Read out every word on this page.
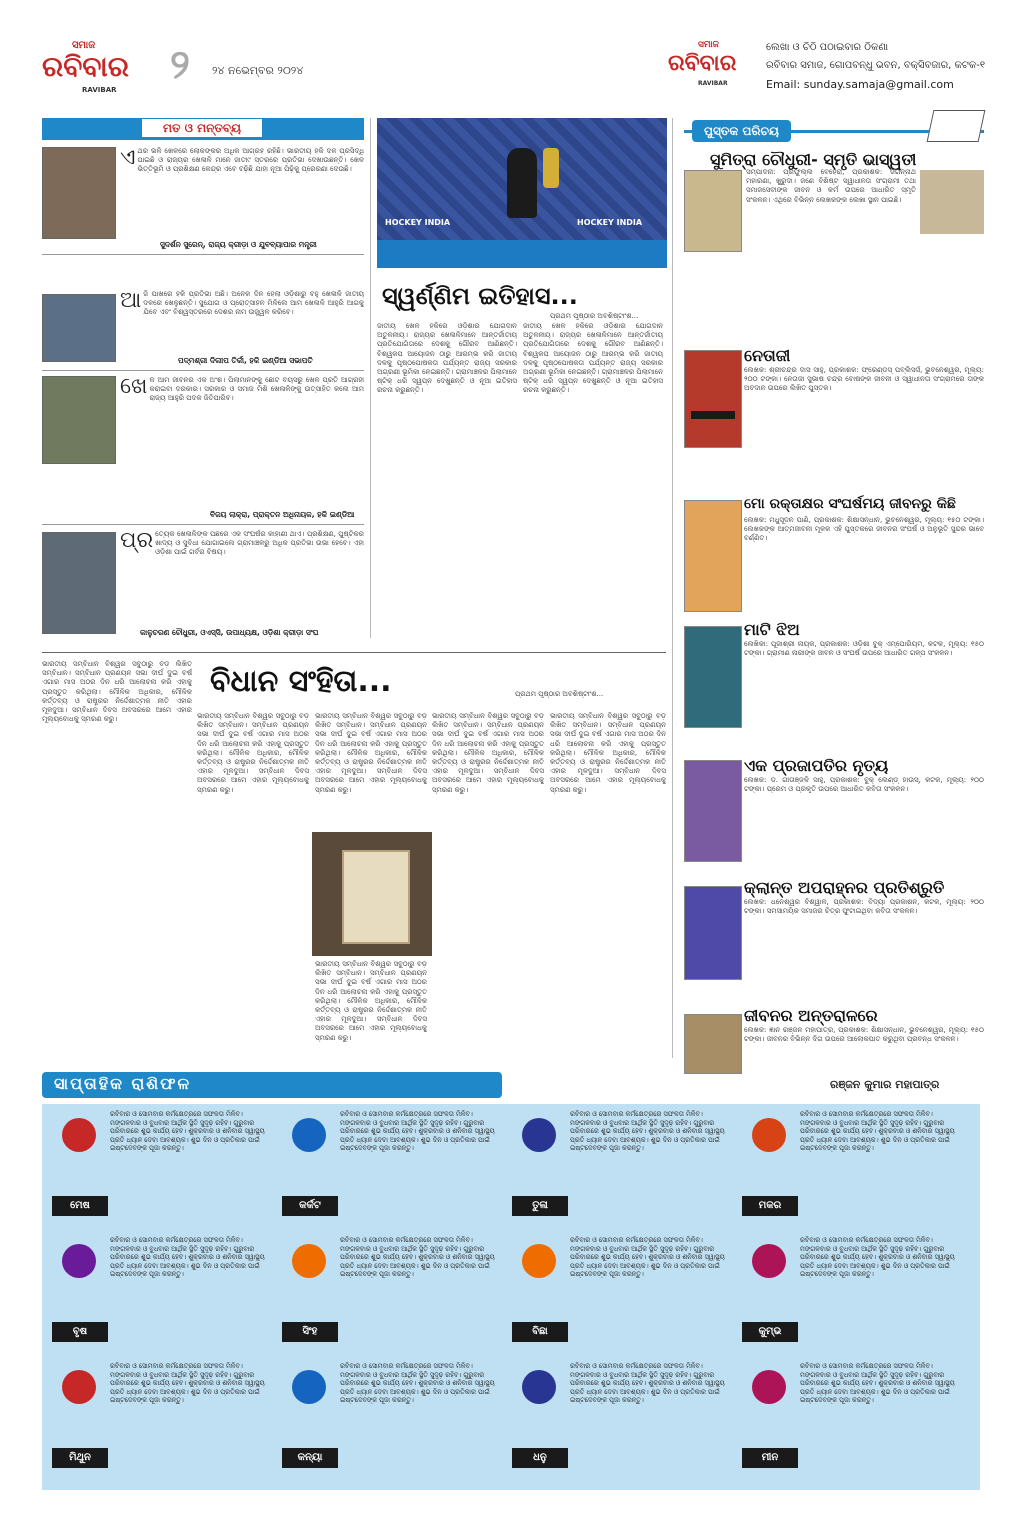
ସମାଜ
ରବିବାର
RAVIBAR
୨ ୨୪ ନଭେମ୍ବର ୨୦୨୪
ସମାଜ
ରବିବାର
RAVIBAR
ଲେଖା ଓ ଚିଠି ପଠାଇବାର ଠିକଣା
ରବିବାର ସମାଜ, ଗୋପବନ୍ଧୁ ଭବନ, ବକ୍ସିବଜାର, କଟକ-୧
Email: sunday.samaja@gmail.com
ମତ ଓ ମନ୍ତବ୍ୟ
ଏଥର ଭଳି ଖେଳରେ ଲୋକଙ୍କର ଅଧିକ ଆଗ୍ରହ ରହିଛି। ଭାରତୀୟ ହକି ଦଳ ପ୍ରସିଦ୍ଧି ପାଇଛି ଓ ରାଜ୍ୟର ଖେଳାଳି ମାନେ ଜାତୀ୯ ସ୍ତରରେ ପ୍ରତିଭା ଦେଖାଉଛନ୍ତି। ଖେଳ ଭିତ୍ତିଭୂମି ଓ ପ୍ରଶିକ୍ଷଣ କେନ୍ଦ୍ର ଏବେ ବଢ଼ିଛି ଯାହା ନୂଆ ପିଢ଼ିକୁ ପ୍ରେରଣା ଦେଉଛି।
ସୁଦର୍ଶନ ସୁରେନ୍, ରାଜ୍ୟ କ୍ରୀଡ଼ା ଓ ଯୁବବ୍ୟାପାର ମନ୍ତ୍ରୀ
ଆଜି ପାଖରେ ହକି ପ୍ରତିଭା ଅଛି। ଅନେକ ଦିନ ହେଲା ଓଡ଼ିଶାରୁ ବହୁ ଖେଳାଳି ଜାତୀୟ ଦଳରେ ଖେଳୁଛନ୍ତି। ସୁଯୋଗ ଓ ପ୍ରୋତ୍ସାହନ ମିଳିଲେ ଆମ ଖେଳାଳି ଆହୁରି ଆଗକୁ ଯିବେ ଏବଂ ବିଶ୍ୱସ୍ତରରେ ଦେଶର ନାମ ଉଜ୍ଜ୍ୱଳ କରିବେ।
ପଦ୍ମଶ୍ରୀ ଦିଲୀପ ତିର୍କୀ, ହକି ଇଣ୍ଡିଆ ସଭାପତି
ଖେଳ ଆମ ଜୀବନର ଏକ ଅଂଶ। ପିଲାମାନଙ୍କୁ ଛୋଟ ବୟସରୁ ଖେଳ ପ୍ରତି ଆଗ୍ରହୀ କରାଇବା ଦରକାର। ସରକାର ଓ ସମାଜ ମିଶି ଖେଳାଳିଙ୍କୁ ଉତ୍ସାହିତ କଲେ ଆମ ରାଜ୍ୟ ଆହୁରି ପଦକ ଜିତିପାରିବ।
ବିଜୟ ଲାକ୍ରା, ପ୍ରାକ୍ତନ ଅଧିନାୟକ, ହକି ଇଣ୍ଡିଆ
ପ୍ର ତ୍ୟେକ ଖେଳାଳିଙ୍କ ପଛରେ ଏକ ସଂଘର୍ଷର କାହାଣୀ ଥାଏ। ପ୍ରଶିକ୍ଷଣ, ପୁଷ୍ଟିକର ଖାଦ୍ୟ ଓ ସୁବିଧା ଯୋଗାଇଲେ ଗ୍ରାମାଞ୍ଚଳରୁ ଅଧିକ ପ୍ରତିଭା ଉଭା ହେବେ। ଏହା ଓଡ଼ିଶା ପାଇଁ ଗର୍ବର ବିଷୟ।
କାଳୁଚରଣ ଚୌଧୁରୀ, ଓଏସ୍‌ସି, ଉପାଧ୍ୟକ୍ଷ, ଓଡ଼ିଶା କ୍ରୀଡ଼ା ସଂଘ
HOCKEY INDIA	HOCKEY INDIA
ସ୍ୱର୍ଣ୍ଣିମ ଇତିହାସ...
ପ୍ରଥମ ପୃଷ୍ଠାର ଅବଶିଷ୍ଟାଂଶ...
ଜାତୀୟ ଖେଳ ହକିରେ ଓଡ଼ିଶାର ଯୋଗଦାନ ଅତୁଳନୀୟ। ରାଜ୍ୟର ଖେଳାଳିମାନେ ଆନ୍ତର୍ଜାତୀୟ ପ୍ରତିଯୋଗିତାରେ ଦେଶକୁ ଗୌରବ ଆଣିଛନ୍ତି। ବିଶ୍ୱକପ ଆୟୋଜନ ଠାରୁ ଆରମ୍ଭ କରି ଜାତୀୟ ଦଳକୁ ପୃଷ୍ଠପୋଷକତା ପର୍ଯ୍ୟନ୍ତ ରାଜ୍ୟ ସରକାର ଅଗ୍ରଣୀ ଭୂମିକା ନେଇଛନ୍ତି। ଗ୍ରାମାଞ୍ଚଳର ପିଲାମାନେ ଷ୍ଟିକ୍ ଧରି ସ୍ୱପ୍ନ ଦେଖୁଛନ୍ତି ଓ ନୂଆ ଇତିହାସ ରଚନା କରୁଛନ୍ତି।
ଜାତୀୟ ଖେଳ ହକିରେ ଓଡ଼ିଶାର ଯୋଗଦାନ ଅତୁଳନୀୟ। ରାଜ୍ୟର ଖେଳାଳିମାନେ ଆନ୍ତର୍ଜାତୀୟ ପ୍ରତିଯୋଗିତାରେ ଦେଶକୁ ଗୌରବ ଆଣିଛନ୍ତି। ବିଶ୍ୱକପ ଆୟୋଜନ ଠାରୁ ଆରମ୍ଭ କରି ଜାତୀୟ ଦଳକୁ ପୃଷ୍ଠପୋଷକତା ପର୍ଯ୍ୟନ୍ତ ରାଜ୍ୟ ସରକାର ଅଗ୍ରଣୀ ଭୂମିକା ନେଇଛନ୍ତି। ଗ୍ରାମାଞ୍ଚଳର ପିଲାମାନେ ଷ୍ଟିକ୍ ଧରି ସ୍ୱପ୍ନ ଦେଖୁଛନ୍ତି ଓ ନୂଆ ଇତିହାସ ରଚନା କରୁଛନ୍ତି।
ବିଧାନ ସଂହିତା...	ପ୍ରଥମ ପୃଷ୍ଠାର ଅବଶିଷ୍ଟାଂଶ...
ଭାରତୀୟ ସମ୍ବିଧାନ ବିଶ୍ୱର ସବୁଠାରୁ ବଡ଼ ଲିଖିତ ସମ୍ବିଧାନ। ସମ୍ବିଧାନ ପ୍ରଣୟନ ସଭା ଦୀର୍ଘ ଦୁଇ ବର୍ଷ ଏଗାର ମାସ ଅଠର ଦିନ ଧରି ଆଲୋଚନା କରି ଏହାକୁ ପ୍ରସ୍ତୁତ କରିଥିଲା। ମୌଳିକ ଅଧିକାର, ମୌଳିକ କର୍ତ୍ତବ୍ୟ ଓ ରାଷ୍ଟ୍ରର ନିର୍ଦ୍ଦେଶାତ୍ମକ ନୀତି ଏହାର ମୂଳଦୁଆ। ସମ୍ବିଧାନ ଦିବସ ଅବସରରେ ଆମେ ଏହାର ମୂଲ୍ୟବୋଧକୁ ସ୍ମରଣ କରୁ।	ଭାରତୀୟ ସମ୍ବିଧାନ ବିଶ୍ୱର ସବୁଠାରୁ ବଡ଼ ଲିଖିତ ସମ୍ବିଧାନ। ସମ୍ବିଧାନ ପ୍ରଣୟନ ସଭା ଦୀର୍ଘ ଦୁଇ ବର୍ଷ ଏଗାର ମାସ ଅଠର ଦିନ ଧରି ଆଲୋଚନା କରି ଏହାକୁ ପ୍ରସ୍ତୁତ କରିଥିଲା। ମୌଳିକ ଅଧିକାର, ମୌଳିକ କର୍ତ୍ତବ୍ୟ ଓ ରାଷ୍ଟ୍ରର ନିର୍ଦ୍ଦେଶାତ୍ମକ ନୀତି ଏହାର ମୂଳଦୁଆ। ସମ୍ବିଧାନ ଦିବସ ଅବସରରେ ଆମେ ଏହାର ମୂଲ୍ୟବୋଧକୁ ସ୍ମରଣ କରୁ।
ଭାରତୀୟ ସମ୍ବିଧାନ ବିଶ୍ୱର ସବୁଠାରୁ ବଡ଼ ଲିଖିତ ସମ୍ବିଧାନ। ସମ୍ବିଧାନ ପ୍ରଣୟନ ସଭା ଦୀର୍ଘ ଦୁଇ ବର୍ଷ ଏଗାର ମାସ ଅଠର ଦିନ ଧରି ଆଲୋଚନା କରି ଏହାକୁ ପ୍ରସ୍ତୁତ କରିଥିଲା। ମୌଳିକ ଅଧିକାର, ମୌଳିକ କର୍ତ୍ତବ୍ୟ ଓ ରାଷ୍ଟ୍ରର ନିର୍ଦ୍ଦେଶାତ୍ମକ ନୀତି ଏହାର ମୂଳଦୁଆ। ସମ୍ବିଧାନ ଦିବସ ଅବସରରେ ଆମେ ଏହାର ମୂଲ୍ୟବୋଧକୁ ସ୍ମରଣ କରୁ।
ଭାରତୀୟ ସମ୍ବିଧାନ ବିଶ୍ୱର ସବୁଠାରୁ ବଡ଼ ଲିଖିତ ସମ୍ବିଧାନ। ସମ୍ବିଧାନ ପ୍ରଣୟନ ସଭା ଦୀର୍ଘ ଦୁଇ ବର୍ଷ ଏଗାର ମାସ ଅଠର ଦିନ ଧରି ଆଲୋଚନା କରି ଏହାକୁ ପ୍ରସ୍ତୁତ କରିଥିଲା। ମୌଳିକ ଅଧିକାର, ମୌଳିକ କର୍ତ୍ତବ୍ୟ ଓ ରାଷ୍ଟ୍ରର ନିର୍ଦ୍ଦେଶାତ୍ମକ ନୀତି ଏହାର ମୂଳଦୁଆ। ସମ୍ବିଧାନ ଦିବସ ଅବସରରେ ଆମେ ଏହାର ମୂଲ୍ୟବୋଧକୁ ସ୍ମରଣ କରୁ।
ଭାରତୀୟ ସମ୍ବିଧାନ ବିଶ୍ୱର ସବୁଠାରୁ ବଡ଼ ଲିଖିତ ସମ୍ବିଧାନ। ସମ୍ବିଧାନ ପ୍ରଣୟନ ସଭା ଦୀର୍ଘ ଦୁଇ ବର୍ଷ ଏଗାର ମାସ ଅଠର ଦିନ ଧରି ଆଲୋଚନା କରି ଏହାକୁ ପ୍ରସ୍ତୁତ କରିଥିଲା। ମୌଳିକ ଅଧିକାର, ମୌଳିକ କର୍ତ୍ତବ୍ୟ ଓ ରାଷ୍ଟ୍ରର ନିର୍ଦ୍ଦେଶାତ୍ମକ ନୀତି ଏହାର ମୂଳଦୁଆ। ସମ୍ବିଧାନ ଦିବସ ଅବସରରେ ଆମେ ଏହାର ମୂଲ୍ୟବୋଧକୁ ସ୍ମରଣ କରୁ।
ଭାରତୀୟ ସମ୍ବିଧାନ ବିଶ୍ୱର ସବୁଠାରୁ ବଡ଼ ଲିଖିତ ସମ୍ବିଧାନ। ସମ୍ବିଧାନ ପ୍ରଣୟନ ସଭା ଦୀର୍ଘ ଦୁଇ ବର୍ଷ ଏଗାର ମାସ ଅଠର ଦିନ ଧରି ଆଲୋଚନା କରି ଏହାକୁ ପ୍ରସ୍ତୁତ କରିଥିଲା। ମୌଳିକ ଅଧିକାର, ମୌଳିକ କର୍ତ୍ତବ୍ୟ ଓ ରାଷ୍ଟ୍ରର ନିର୍ଦ୍ଦେଶାତ୍ମକ ନୀତି ଏହାର ମୂଳଦୁଆ। ସମ୍ବିଧାନ ଦିବସ ଅବସରରେ ଆମେ ଏହାର ମୂଲ୍ୟବୋଧକୁ ସ୍ମରଣ କରୁ।
ପୁସ୍ତକ ପରିଚୟ
ସୁମିତ୍ରା ଚୌଧୁରୀ- ସ୍ମୃତି ଭାସ୍ୱତୀ
ସମ୍ପାଦନା: ପ୍ରଫୁଲ୍ଲ ବେହେରା, ପ୍ରକାଶକ: ଜଗନ୍ନାଥ ମହାରଣା, ଖୁରୁଦା। ଜଣେ ବିଶିଷ୍ଟ ସ୍ୱାଧୀନତା ସଂଗ୍ରାମୀ ତଥା ସମାଜସେବୀଙ୍କ ଜୀବନ ଓ କର୍ମ ଉପରେ ଆଧାରିତ ସ୍ମୃତି ସଂକଳନ। ଏଥିରେ ବିଭିନ୍ନ ଲେଖକଙ୍କ ଲେଖା ସ୍ଥାନ ପାଇଛି।
ନେତାଜୀ
ଲେଖକ: ଶ୍ରୀଚନ୍ଦ୍ର ଦାସ ସାହୁ, ପ୍ରକାଶକ: ଫ୍ରେଣ୍ଡସ୍ ପବ୍ଲିସର୍ସ, ଭୁବନେଶ୍ୱର, ମୂଲ୍ୟ: ୨୦୦ ଟଙ୍କା। ନେତାଜୀ ସୁଭାଷ ଚନ୍ଦ୍ର ବୋଷଙ୍କ ଜୀବନୀ ଓ ସ୍ୱାଧୀନତା ସଂଗ୍ରାମରେ ତାଙ୍କ ଅବଦାନ ଉପରେ ଲିଖିତ ପୁସ୍ତକ।
ମୋ ରକ୍ତାକ୍ଷର ସଂଘର୍ଷମୟ ଜୀବନରୁ କିଛି
ଲେଖକ: ମଧୁସୂଦନ ପାଣି, ପ୍ରକାଶକ: ଶିକ୍ଷାସନ୍ଧାନ, ଭୁବନେଶ୍ୱର, ମୂଲ୍ୟ: ୧୫୦ ଟଙ୍କା। ଲେଖକଙ୍କ ଆତ୍ମଜୀବନୀ ମୂଳକ ଏହି ପୁସ୍ତକରେ ଜୀବନର ସଂଘର୍ଷ ଓ ଅନୁଭୂତି ସୁନ୍ଦର ଭାବେ ବର୍ଣ୍ଣିତ।
ମାଟି ଝିଅ
ଲେଖିକା: ପୂଜାଶ୍ରୀ ନାୟକ, ପ୍ରକାଶକ: ଓଡ଼ିଶା ବୁକ୍ ଏମ୍ପୋରିୟମ, କଟକ, ମୂଲ୍ୟ: ୧୫୦ ଟଙ୍କା। ଗ୍ରାମୀଣ ନାରୀଙ୍କ ଜୀବନ ଓ ସଂଘର୍ଷ ଉପରେ ଆଧାରିତ ଗଳ୍ପ ସଂକଳନ।
ଏକ ପ୍ରଜାପତିର ନୃତ୍ୟ
ଲେଖକ: ଡ. ଗୀତାଞ୍ଜଳି ସାହୁ, ପ୍ରକାଶକ: ବୁକ୍ ଲେଣ୍ଡ୍ ହାଉସ୍, କଟକ, ମୂଲ୍ୟ: ୨୦୦ ଟଙ୍କା। ପ୍ରେମ ଓ ପ୍ରକୃତି ଉପରେ ଆଧାରିତ କବିତା ସଂକଳନ।
କ୍ଲାନ୍ତ ଅପରାହ୍ନର ପ୍ରତିଶ୍ରୁତି
ଲେଖକ: ଧନେଶ୍ୱର ବିଶ୍ୱାଳ, ପ୍ରକାଶକ: ବିଦ୍ୟା ପ୍ରକାଶନ, କଟକ, ମୂଲ୍ୟ: ୨୦୦ ଟଙ୍କା। ସମସାମୟିକ ସମାଜର ଚିତ୍ର ଫୁଟାଇଥିବା କବିତା ସଂକଳନ।
ଜୀବନର ଅନ୍ତରାଳରେ
ଲେଖକ: ଜ୍ଞାନ ରଞ୍ଜନ ମହାପାତ୍ର, ପ୍ରକାଶକ: ଶିକ୍ଷାସନ୍ଧାନ, ଭୁବନେଶ୍ୱର, ମୂଲ୍ୟ: ୧୫୦ ଟଙ୍କା। ଜୀବନର ବିଭିନ୍ନ ଦିଗ ଉପରେ ଆଲୋକପାତ କରୁଥିବା ପ୍ରବନ୍ଧ ସଂକଳନ।
ସାପ୍ତାହିକ ରାଶିଫଳ	ରଞ୍ଜନ କୁମାର ମହାପାତ୍ର
ମେଷ
ରବିବାର ଓ ସୋମବାର କର୍ମକ୍ଷେତ୍ରରେ ସଫଳତା ମିଳିବ। ମଙ୍ଗଳବାର ଓ ବୁଧବାର ଆର୍ଥିକ ସ୍ଥିତି ସୁଦୃଢ଼ ରହିବ। ଗୁରୁବାର ପରିବାରରେ ଶୁଭ କାର୍ଯ୍ୟ ହେବ। ଶୁକ୍ରବାର ଓ ଶନିବାର ସ୍ୱାସ୍ଥ୍ୟ ପ୍ରତି ଧ୍ୟାନ ଦେବା ଆବଶ୍ୟକ। ଶୁଭ ଦିନ ଓ ପ୍ରତିକାର ପାଇଁ ଇଷ୍ଟଦେବଙ୍କ ପୂଜା କରନ୍ତୁ।
କର୍କଟ
ରବିବାର ଓ ସୋମବାର କର୍ମକ୍ଷେତ୍ରରେ ସଫଳତା ମିଳିବ। ମଙ୍ଗଳବାର ଓ ବୁଧବାର ଆର୍ଥିକ ସ୍ଥିତି ସୁଦୃଢ଼ ରହିବ। ଗୁରୁବାର ପରିବାରରେ ଶୁଭ କାର୍ଯ୍ୟ ହେବ। ଶୁକ୍ରବାର ଓ ଶନିବାର ସ୍ୱାସ୍ଥ୍ୟ ପ୍ରତି ଧ୍ୟାନ ଦେବା ଆବଶ୍ୟକ। ଶୁଭ ଦିନ ଓ ପ୍ରତିକାର ପାଇଁ ଇଷ୍ଟଦେବଙ୍କ ପୂଜା କରନ୍ତୁ।
ତୁଳା
ରବିବାର ଓ ସୋମବାର କର୍ମକ୍ଷେତ୍ରରେ ସଫଳତା ମିଳିବ। ମଙ୍ଗଳବାର ଓ ବୁଧବାର ଆର୍ଥିକ ସ୍ଥିତି ସୁଦୃଢ଼ ରହିବ। ଗୁରୁବାର ପରିବାରରେ ଶୁଭ କାର୍ଯ୍ୟ ହେବ। ଶୁକ୍ରବାର ଓ ଶନିବାର ସ୍ୱାସ୍ଥ୍ୟ ପ୍ରତି ଧ୍ୟାନ ଦେବା ଆବଶ୍ୟକ। ଶୁଭ ଦିନ ଓ ପ୍ରତିକାର ପାଇଁ ଇଷ୍ଟଦେବଙ୍କ ପୂଜା କରନ୍ତୁ।
ମକର
ରବିବାର ଓ ସୋମବାର କର୍ମକ୍ଷେତ୍ରରେ ସଫଳତା ମିଳିବ। ମଙ୍ଗଳବାର ଓ ବୁଧବାର ଆର୍ଥିକ ସ୍ଥିତି ସୁଦୃଢ଼ ରହିବ। ଗୁରୁବାର ପରିବାରରେ ଶୁଭ କାର୍ଯ୍ୟ ହେବ। ଶୁକ୍ରବାର ଓ ଶନିବାର ସ୍ୱାସ୍ଥ୍ୟ ପ୍ରତି ଧ୍ୟାନ ଦେବା ଆବଶ୍ୟକ। ଶୁଭ ଦିନ ଓ ପ୍ରତିକାର ପାଇଁ ଇଷ୍ଟଦେବଙ୍କ ପୂଜା କରନ୍ତୁ।
ବୃଷ
ରବିବାର ଓ ସୋମବାର କର୍ମକ୍ଷେତ୍ରରେ ସଫଳତା ମିଳିବ। ମଙ୍ଗଳବାର ଓ ବୁଧବାର ଆର୍ଥିକ ସ୍ଥିତି ସୁଦୃଢ଼ ରହିବ। ଗୁରୁବାର ପରିବାରରେ ଶୁଭ କାର୍ଯ୍ୟ ହେବ। ଶୁକ୍ରବାର ଓ ଶନିବାର ସ୍ୱାସ୍ଥ୍ୟ ପ୍ରତି ଧ୍ୟାନ ଦେବା ଆବଶ୍ୟକ। ଶୁଭ ଦିନ ଓ ପ୍ରତିକାର ପାଇଁ ଇଷ୍ଟଦେବଙ୍କ ପୂଜା କରନ୍ତୁ।
ସିଂହ
ରବିବାର ଓ ସୋମବାର କର୍ମକ୍ଷେତ୍ରରେ ସଫଳତା ମିଳିବ। ମଙ୍ଗଳବାର ଓ ବୁଧବାର ଆର୍ଥିକ ସ୍ଥିତି ସୁଦୃଢ଼ ରହିବ। ଗୁରୁବାର ପରିବାରରେ ଶୁଭ କାର୍ଯ୍ୟ ହେବ। ଶୁକ୍ରବାର ଓ ଶନିବାର ସ୍ୱାସ୍ଥ୍ୟ ପ୍ରତି ଧ୍ୟାନ ଦେବା ଆବଶ୍ୟକ। ଶୁଭ ଦିନ ଓ ପ୍ରତିକାର ପାଇଁ ଇଷ୍ଟଦେବଙ୍କ ପୂଜା କରନ୍ତୁ।
ବିଛା
ରବିବାର ଓ ସୋମବାର କର୍ମକ୍ଷେତ୍ରରେ ସଫଳତା ମିଳିବ। ମଙ୍ଗଳବାର ଓ ବୁଧବାର ଆର୍ଥିକ ସ୍ଥିତି ସୁଦୃଢ଼ ରହିବ। ଗୁରୁବାର ପରିବାରରେ ଶୁଭ କାର୍ଯ୍ୟ ହେବ। ଶୁକ୍ରବାର ଓ ଶନିବାର ସ୍ୱାସ୍ଥ୍ୟ ପ୍ରତି ଧ୍ୟାନ ଦେବା ଆବଶ୍ୟକ। ଶୁଭ ଦିନ ଓ ପ୍ରତିକାର ପାଇଁ ଇଷ୍ଟଦେବଙ୍କ ପୂଜା କରନ୍ତୁ।
କୁମ୍ଭ
ରବିବାର ଓ ସୋମବାର କର୍ମକ୍ଷେତ୍ରରେ ସଫଳତା ମିଳିବ। ମଙ୍ଗଳବାର ଓ ବୁଧବାର ଆର୍ଥିକ ସ୍ଥିତି ସୁଦୃଢ଼ ରହିବ। ଗୁରୁବାର ପରିବାରରେ ଶୁଭ କାର୍ଯ୍ୟ ହେବ। ଶୁକ୍ରବାର ଓ ଶନିବାର ସ୍ୱାସ୍ଥ୍ୟ ପ୍ରତି ଧ୍ୟାନ ଦେବା ଆବଶ୍ୟକ। ଶୁଭ ଦିନ ଓ ପ୍ରତିକାର ପାଇଁ ଇଷ୍ଟଦେବଙ୍କ ପୂଜା କରନ୍ତୁ।
ମିଥୁନ
ରବିବାର ଓ ସୋମବାର କର୍ମକ୍ଷେତ୍ରରେ ସଫଳତା ମିଳିବ। ମଙ୍ଗଳବାର ଓ ବୁଧବାର ଆର୍ଥିକ ସ୍ଥିତି ସୁଦୃଢ଼ ରହିବ। ଗୁରୁବାର ପରିବାରରେ ଶୁଭ କାର୍ଯ୍ୟ ହେବ। ଶୁକ୍ରବାର ଓ ଶନିବାର ସ୍ୱାସ୍ଥ୍ୟ ପ୍ରତି ଧ୍ୟାନ ଦେବା ଆବଶ୍ୟକ। ଶୁଭ ଦିନ ଓ ପ୍ରତିକାର ପାଇଁ ଇଷ୍ଟଦେବଙ୍କ ପୂଜା କରନ୍ତୁ।
କନ୍ୟା
ରବିବାର ଓ ସୋମବାର କର୍ମକ୍ଷେତ୍ରରେ ସଫଳତା ମିଳିବ। ମଙ୍ଗଳବାର ଓ ବୁଧବାର ଆର୍ଥିକ ସ୍ଥିତି ସୁଦୃଢ଼ ରହିବ। ଗୁରୁବାର ପରିବାରରେ ଶୁଭ କାର୍ଯ୍ୟ ହେବ। ଶୁକ୍ରବାର ଓ ଶନିବାର ସ୍ୱାସ୍ଥ୍ୟ ପ୍ରତି ଧ୍ୟାନ ଦେବା ଆବଶ୍ୟକ। ଶୁଭ ଦିନ ଓ ପ୍ରତିକାର ପାଇଁ ଇଷ୍ଟଦେବଙ୍କ ପୂଜା କରନ୍ତୁ।
ଧନୁ
ରବିବାର ଓ ସୋମବାର କର୍ମକ୍ଷେତ୍ରରେ ସଫଳତା ମିଳିବ। ମଙ୍ଗଳବାର ଓ ବୁଧବାର ଆର୍ଥିକ ସ୍ଥିତି ସୁଦୃଢ଼ ରହିବ। ଗୁରୁବାର ପରିବାରରେ ଶୁଭ କାର୍ଯ୍ୟ ହେବ। ଶୁକ୍ରବାର ଓ ଶନିବାର ସ୍ୱାସ୍ଥ୍ୟ ପ୍ରତି ଧ୍ୟାନ ଦେବା ଆବଶ୍ୟକ। ଶୁଭ ଦିନ ଓ ପ୍ରତିକାର ପାଇଁ ଇଷ୍ଟଦେବଙ୍କ ପୂଜା କରନ୍ତୁ।
ମୀନ
ରବିବାର ଓ ସୋମବାର କର୍ମକ୍ଷେତ୍ରରେ ସଫଳତା ମିଳିବ। ମଙ୍ଗଳବାର ଓ ବୁଧବାର ଆର୍ଥିକ ସ୍ଥିତି ସୁଦୃଢ଼ ରହିବ। ଗୁରୁବାର ପରିବାରରେ ଶୁଭ କାର୍ଯ୍ୟ ହେବ। ଶୁକ୍ରବାର ଓ ଶନିବାର ସ୍ୱାସ୍ଥ୍ୟ ପ୍ରତି ଧ୍ୟାନ ଦେବା ଆବଶ୍ୟକ। ଶୁଭ ଦିନ ଓ ପ୍ରତିକାର ପାଇଁ ଇଷ୍ଟଦେବଙ୍କ ପୂଜା କରନ୍ତୁ।
